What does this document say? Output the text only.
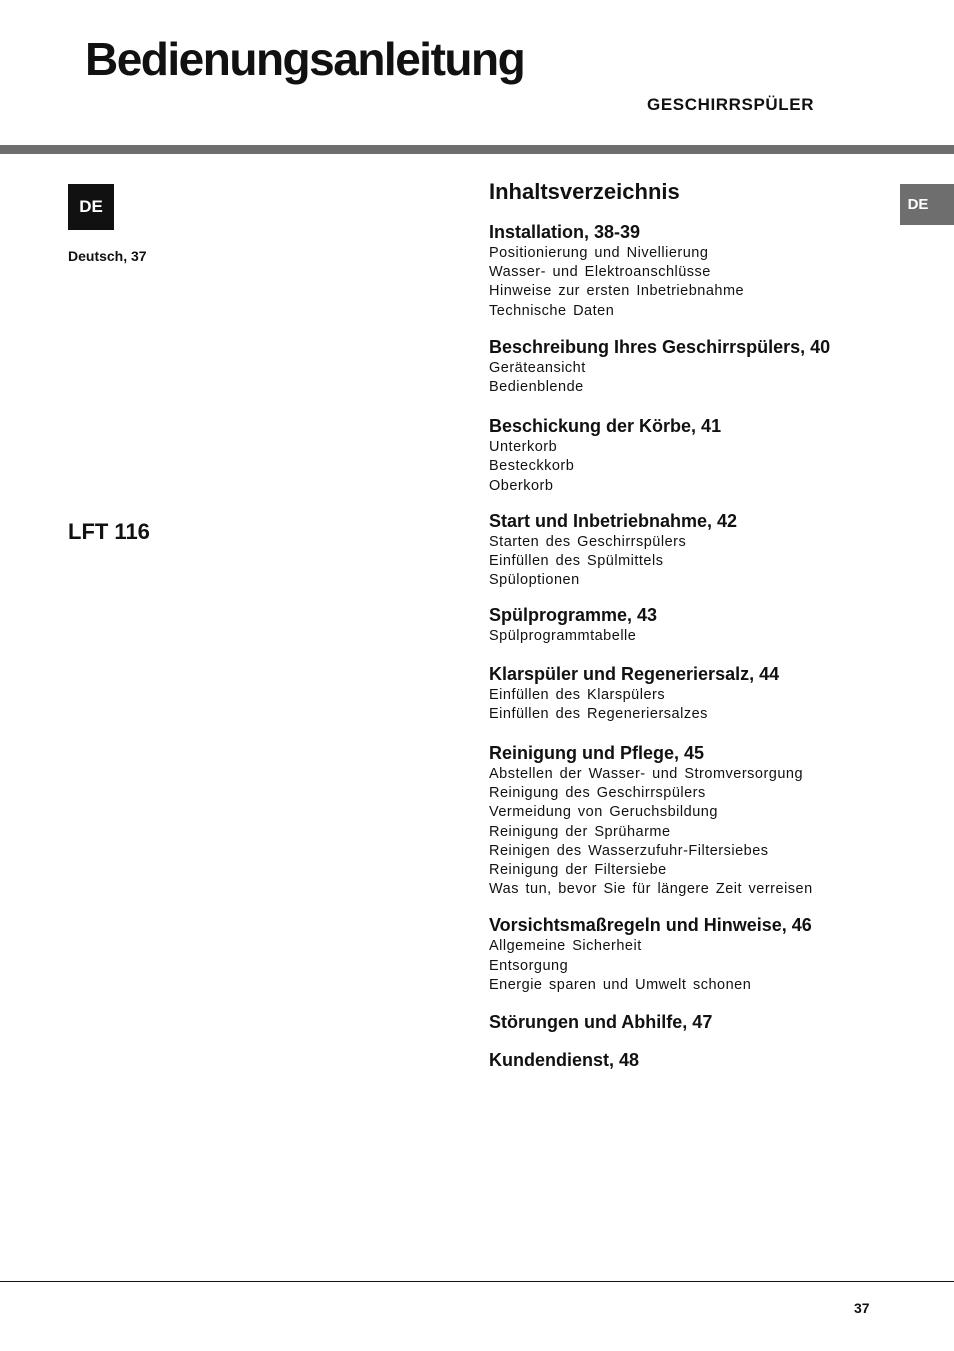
Bedienungsanleitung
GESCHIRRSPÜLER
DE
Deutsch, 37
LFT 116
DE
Inhaltsverzeichnis
Installation, 38-39
Positionierung und Nivellierung
Wasser- und Elektroanschlüsse
Hinweise zur ersten Inbetriebnahme
Technische Daten
Beschreibung Ihres Geschirrspülers, 40
Geräteansicht
Bedienblende
Beschickung der Körbe, 41
Unterkorb
Besteckkorb
Oberkorb
Start und Inbetriebnahme, 42
Starten des Geschirrspülers
Einfüllen des Spülmittels
Spüloptionen
Spülprogramme, 43
Spülprogrammtabelle
Klarspüler und Regeneriersalz, 44
Einfüllen des Klarspülers
Einfüllen des Regeneriersalzes
Reinigung und Pflege, 45
Abstellen der Wasser- und Stromversorgung
Reinigung des Geschirrspülers
Vermeidung von Geruchsbildung
Reinigung der Sprüharme
Reinigen des Wasserzufuhr-Filtersiebes
Reinigung der Filtersiebe
Was tun, bevor Sie für längere Zeit verreisen
Vorsichtsmaßregeln und Hinweise, 46
Allgemeine Sicherheit
Entsorgung
Energie sparen und Umwelt schonen
Störungen und Abhilfe, 47
Kundendienst, 48
37
